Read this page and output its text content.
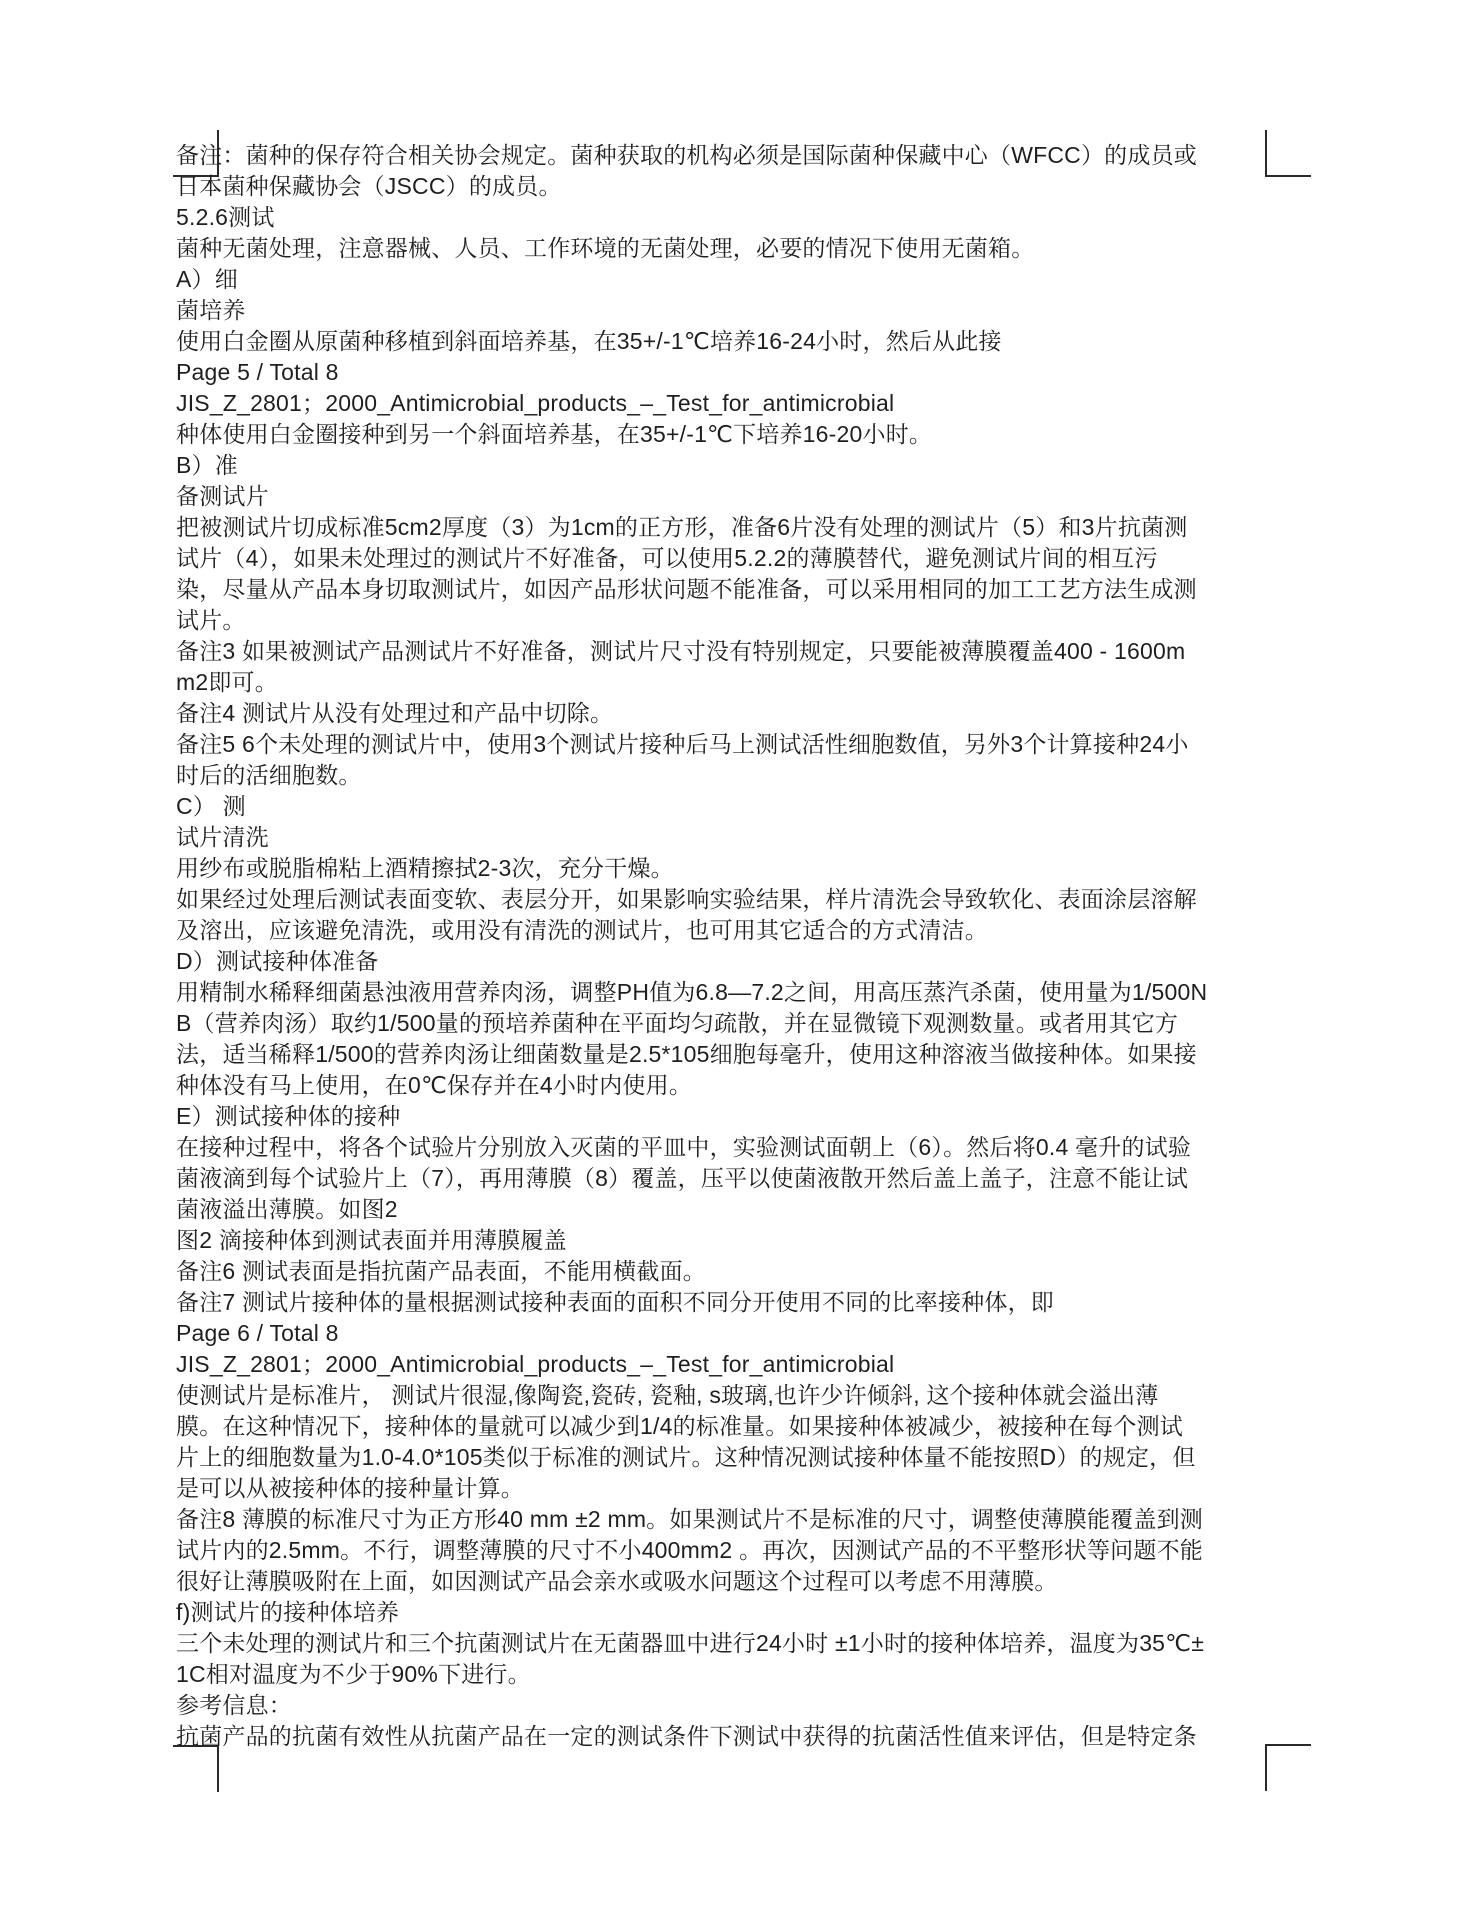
备注：菌种的保存符合相关协会规定。菌种获取的机构必须是国际菌种保藏中心（WFCC）的成员或
日本菌种保藏协会（JSCC）的成员。
5.2.6测试
菌种无菌处理，注意器械、人员、工作环境的无菌处理，必要的情况下使用无菌箱。
A）细
菌培养
使用白金圈从原菌种移植到斜面培养基，在35+/-1℃培养16-24小时，然后从此接
Page 5 / Total 8
JIS_Z_2801；2000_Antimicrobial_products_–_Test_for_antimicrobial
种体使用白金圈接种到另一个斜面培养基，在35+/-1℃下培养16-20小时。
B）准
备测试片
把被测试片切成标准5cm2厚度（3）为1cm的正方形，准备6片没有处理的测试片（5）和3片抗菌测
试片（4），如果未处理过的测试片不好准备，可以使用5.2.2的薄膜替代，避免测试片间的相互污
染，尽量从产品本身切取测试片，如因产品形状问题不能准备，可以采用相同的加工工艺方法生成测
试片。
备注3 如果被测试产品测试片不好准备，测试片尺寸没有特别规定，只要能被薄膜覆盖400 - 1600m
m2即可。
备注4 测试片从没有处理过和产品中切除。
备注5 6个未处理的测试片中，使用3个测试片接种后马上测试活性细胞数值，另外3个计算接种24小
时后的活细胞数。
C） 测
试片清洗
用纱布或脱脂棉粘上酒精擦拭2-3次，充分干燥。
如果经过处理后测试表面变软、表层分开，如果影响实验结果，样片清洗会导致软化、表面涂层溶解
及溶出，应该避免清洗，或用没有清洗的测试片，也可用其它适合的方式清洁。
D）测试接种体准备
用精制水稀释细菌悬浊液用营养肉汤，调整PH值为6.8—7.2之间，用高压蒸汽杀菌，使用量为1/500N
B（营养肉汤）取约1/500量的预培养菌种在平面均匀疏散，并在显微镜下观测数量。或者用其它方
法，适当稀释1/500的营养肉汤让细菌数量是2.5*105细胞每毫升，使用这种溶液当做接种体。如果接
种体没有马上使用，在0℃保存并在4小时内使用。
E）测试接种体的接种
在接种过程中，将各个试验片分别放入灭菌的平皿中，实验测试面朝上（6）。然后将0.4 毫升的试验
菌液滴到每个试验片上（7），再用薄膜（8）覆盖，压平以使菌液散开然后盖上盖子，注意不能让试
菌液溢出薄膜。如图2
图2 滴接种体到测试表面并用薄膜履盖
备注6 测试表面是指抗菌产品表面，不能用横截面。
备注7 测试片接种体的量根据测试接种表面的面积不同分开使用不同的比率接种体，即
Page 6 / Total 8
JIS_Z_2801；2000_Antimicrobial_products_–_Test_for_antimicrobial
使测试片是标准片， 测试片很湿,像陶瓷,瓷砖, 瓷釉, s玻璃,也许少许倾斜, 这个接种体就会溢出薄
膜。在这种情况下，接种体的量就可以减少到1/4的标准量。如果接种体被减少，被接种在每个测试
片上的细胞数量为1.0-4.0*105类似于标准的测试片。这种情况测试接种体量不能按照D）的规定，但
是可以从被接种体的接种量计算。
备注8 薄膜的标准尺寸为正方形40 mm ±2 mm。如果测试片不是标准的尺寸，调整使薄膜能覆盖到测
试片内的2.5mm。不行，调整薄膜的尺寸不小400mm2 。再次，因测试产品的不平整形状等问题不能
很好让薄膜吸附在上面，如因测试产品会亲水或吸水问题这个过程可以考虑不用薄膜。
f)测试片的接种体培养
三个未处理的测试片和三个抗菌测试片在无菌器皿中进行24小时 ±1小时的接种体培养，温度为35℃±
1C相对温度为不少于90%下进行。
参考信息：
抗菌产品的抗菌有效性从抗菌产品在一定的测试条件下测试中获得的抗菌活性值来评估，但是特定条
